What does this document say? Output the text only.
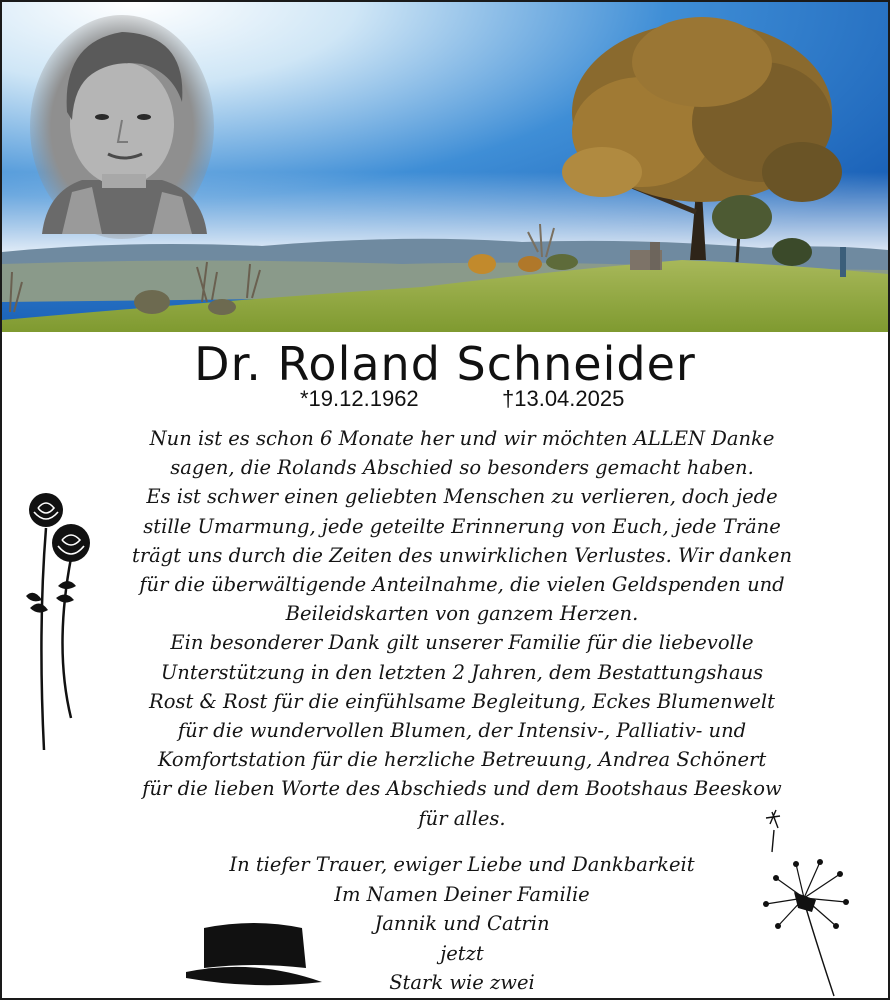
Dr. Roland Schneider
*19.12.1962	†13.04.2025
Nun ist es schon 6 Monate her und wir möchten ALLEN Danke
sagen, die Rolands Abschied so besonders gemacht haben.
Es ist schwer einen geliebten Menschen zu verlieren, doch jede
stille Umarmung, jede geteilte Erinnerung von Euch, jede Träne
trägt uns durch die Zeiten des unwirklichen Verlustes. Wir danken
für die überwältigende Anteilnahme, die vielen Geldspenden und
Beileidskarten von ganzem Herzen.
Ein besonderer Dank gilt unserer Familie für die liebevolle
Unterstützung in den letzten 2 Jahren, dem Bestattungshaus
Rost & Rost für die einfühlsame Begleitung, Eckes Blumenwelt
für die wundervollen Blumen, der Intensiv-, Palliativ- und
Komfortstation für die herzliche Betreuung, Andrea Schönert
für die lieben Worte des Abschieds und dem Bootshaus Beeskow
für alles.
In tiefer Trauer, ewiger Liebe und Dankbarkeit
Im Namen Deiner Familie
Jannik und Catrin
jetzt
Stark wie zwei
